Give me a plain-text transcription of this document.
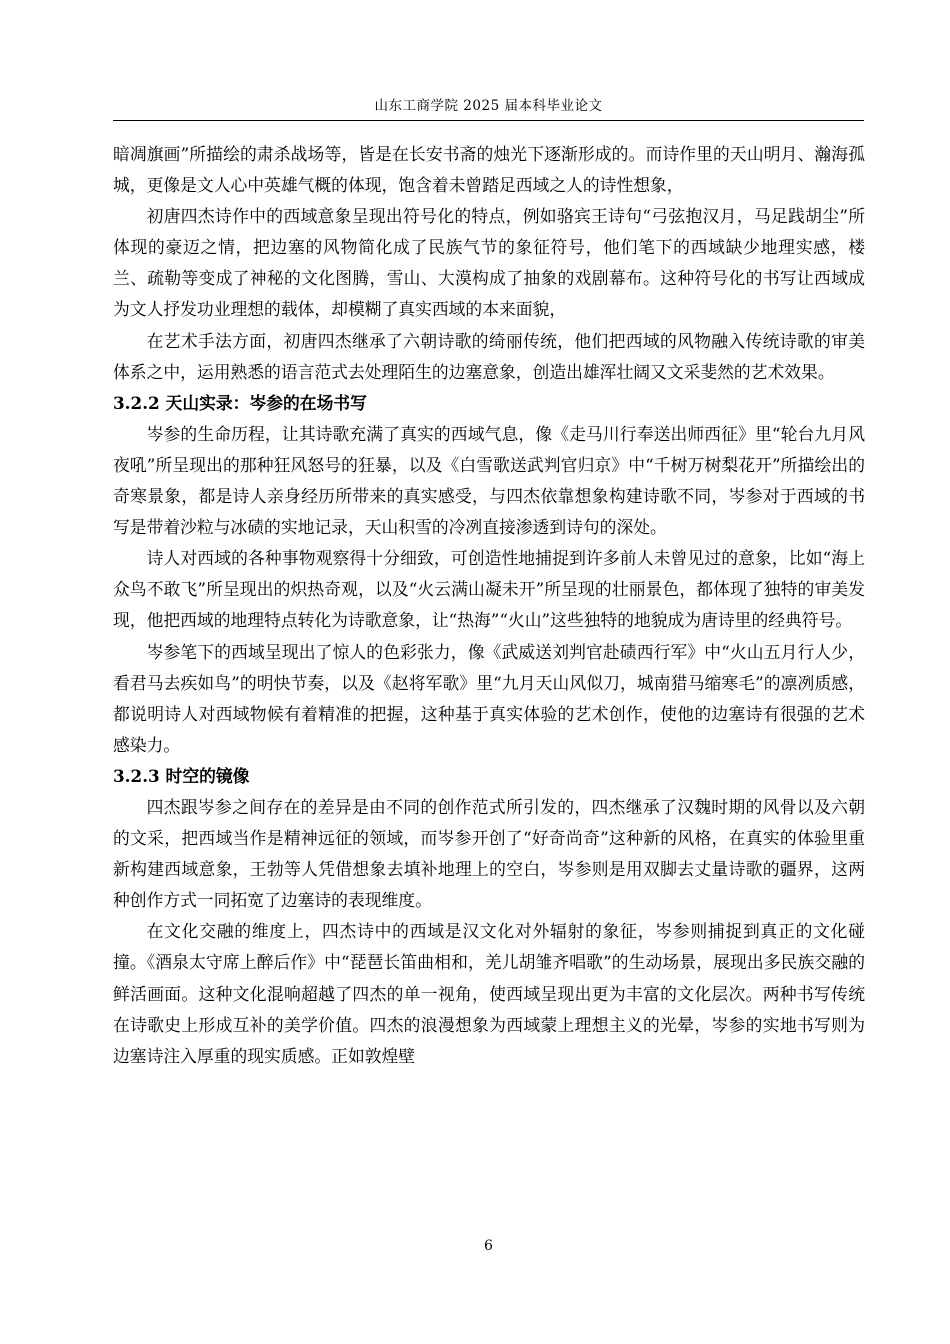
山东工商学院 2025 届本科毕业论文

暗凋旗画”所描绘的肃杀战场等，皆是在长安书斋的烛光下逐渐形成的。而诗作里的天山明月、瀚海孤城，更像是文人心中英雄气概的体现，饱含着未曾踏足西域之人的诗性想象，

初唐四杰诗作中的西域意象呈现出符号化的特点，例如骆宾王诗句“弓弦抱汉月，马足践胡尘”所体现的豪迈之情，把边塞的风物简化成了民族气节的象征符号，他们笔下的西域缺少地理实感，楼兰、疏勒等变成了神秘的文化图腾，雪山、大漠构成了抽象的戏剧幕布。这种符号化的书写让西域成为文人抒发功业理想的载体，却模糊了真实西域的本来面貌，

在艺术手法方面，初唐四杰继承了六朝诗歌的绮丽传统，他们把西域的风物融入传统诗歌的审美体系之中，运用熟悉的语言范式去处理陌生的边塞意象，创造出雄浑壮阔又文采斐然的艺术效果。

3.2.2 天山实录：岑参的在场书写

岑参的生命历程，让其诗歌充满了真实的西域气息，像《走马川行奉送出师西征》里“轮台九月风夜吼”所呈现出的那种狂风怒号的狂暴，以及《白雪歌送武判官归京》中“千树万树梨花开”所描绘出的奇寒景象，都是诗人亲身经历所带来的真实感受，与四杰依靠想象构建诗歌不同，岑参对于西域的书写是带着沙粒与冰碛的实地记录，天山积雪的冷冽直接渗透到诗句的深处。

诗人对西域的各种事物观察得十分细致，可创造性地捕捉到许多前人未曾见过的意象，比如“海上众鸟不敢飞”所呈现出的炽热奇观，以及“火云满山凝未开”所呈现的壮丽景色，都体现了独特的审美发现，他把西域的地理特点转化为诗歌意象，让“热海”“火山”这些独特的地貌成为唐诗里的经典符号。

岑参笔下的西域呈现出了惊人的色彩张力，像《武威送刘判官赴碛西行军》中“火山五月行人少，看君马去疾如鸟”的明快节奏，以及《赵将军歌》里“九月天山风似刀，城南猎马缩寒毛”的凛冽质感，都说明诗人对西域物候有着精准的把握，这种基于真实体验的艺术创作，使他的边塞诗有很强的艺术感染力。

3.2.3 时空的镜像

四杰跟岑参之间存在的差异是由不同的创作范式所引发的，四杰继承了汉魏时期的风骨以及六朝的文采，把西域当作是精神远征的领域，而岑参开创了“好奇尚奇”这种新的风格，在真实的体验里重新构建西域意象，王勃等人凭借想象去填补地理上的空白，岑参则是用双脚去丈量诗歌的疆界，这两种创作方式一同拓宽了边塞诗的表现维度。

在文化交融的维度上，四杰诗中的西域是汉文化对外辐射的象征，岑参则捕捉到真正的文化碰撞。《酒泉太守席上醉后作》中“琵琶长笛曲相和，羌儿胡雏齐唱歌”的生动场景，展现出多民族交融的鲜活画面。这种文化混响超越了四杰的单一视角，使西域呈现出更为丰富的文化层次。两种书写传统在诗歌史上形成互补的美学价值。四杰的浪漫想象为西域蒙上理想主义的光晕，岑参的实地书写则为边塞诗注入厚重的现实质感。正如敦煌壁

6
